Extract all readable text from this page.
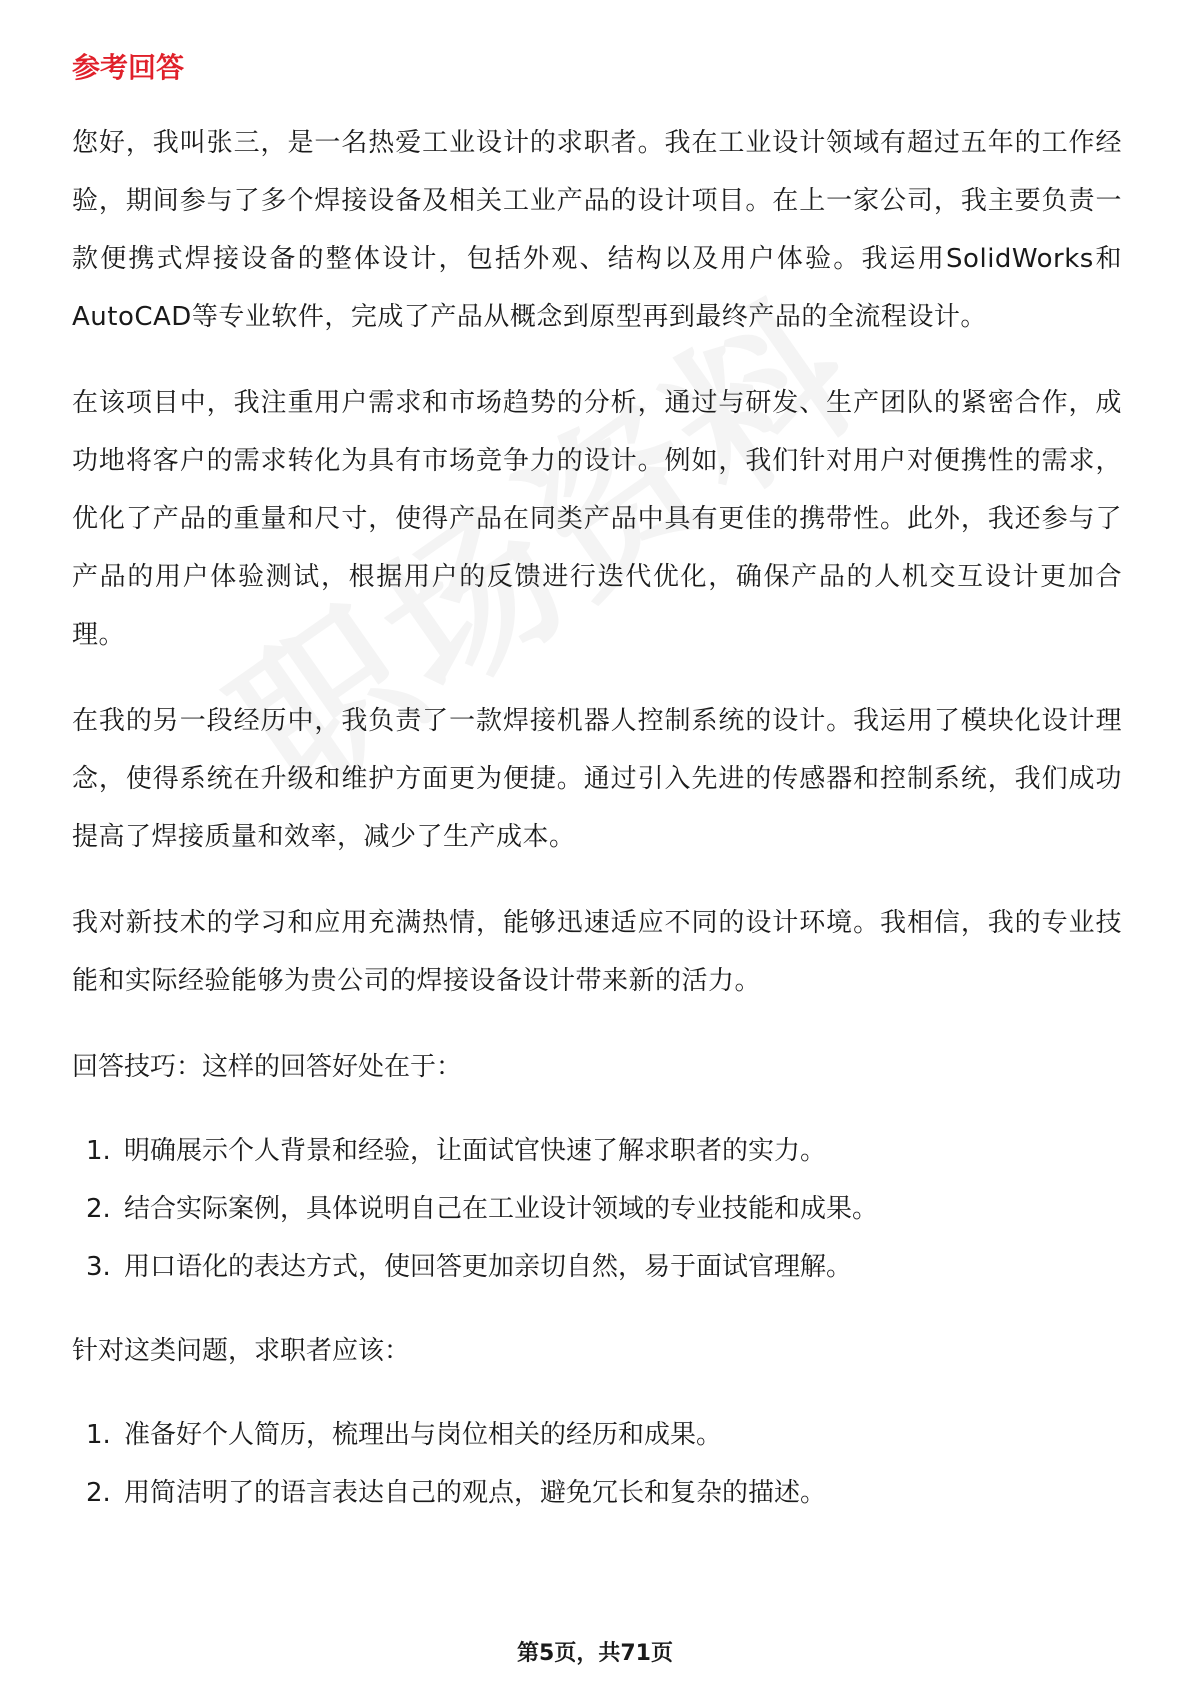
参考回答

您好，我叫张三，是一名热爱工业设计的求职者。我在工业设计领域有超过五年的工作经验，期间参与了多个焊接设备及相关工业产品的设计项目。在上一家公司，我主要负责一款便携式焊接设备的整体设计，包括外观、结构以及用户体验。我运用SolidWorks和AutoCAD等专业软件，完成了产品从概念到原型再到最终产品的全流程设计。

在该项目中，我注重用户需求和市场趋势的分析，通过与研发、生产团队的紧密合作，成功地将客户的需求转化为具有市场竞争力的设计。例如，我们针对用户对便携性的需求，优化了产品的重量和尺寸，使得产品在同类产品中具有更佳的携带性。此外，我还参与了产品的用户体验测试，根据用户的反馈进行迭代优化，确保产品的人机交互设计更加合理。

在我的另一段经历中，我负责了一款焊接机器人控制系统的设计。我运用了模块化设计理念，使得系统在升级和维护方面更为便捷。通过引入先进的传感器和控制系统，我们成功提高了焊接质量和效率，减少了生产成本。

我对新技术的学习和应用充满热情，能够迅速适应不同的设计环境。我相信，我的专业技能和实际经验能够为贵公司的焊接设备设计带来新的活力。

回答技巧：这样的回答好处在于：
1. 明确展示个人背景和经验，让面试官快速了解求职者的实力。
2. 结合实际案例，具体说明自己在工业设计领域的专业技能和成果。
3. 用口语化的表达方式，使回答更加亲切自然，易于面试官理解。
针对这类问题，求职者应该：
1. 准备好个人简历，梳理出与岗位相关的经历和成果。
2. 用简洁明了的语言表达自己的观点，避免冗长和复杂的描述。
第5页，共71页
